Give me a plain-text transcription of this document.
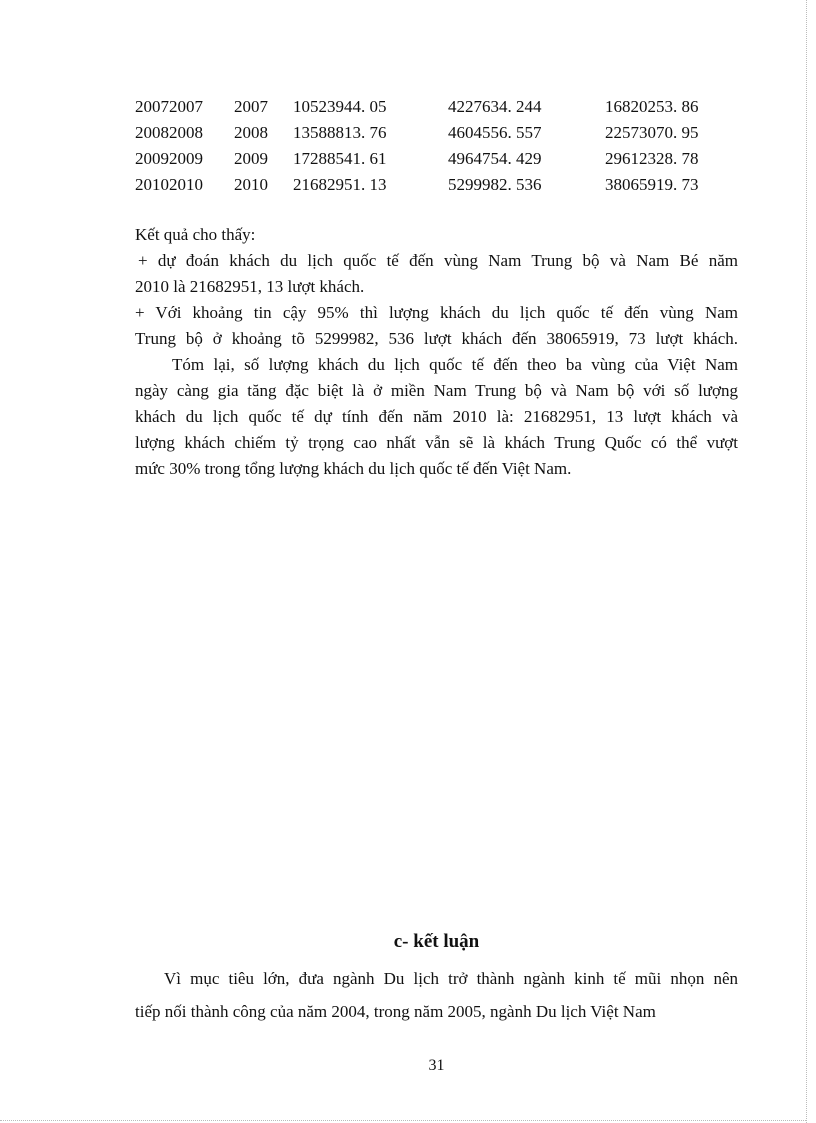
20072007	2007	10523944. 05	4227634. 244	16820253. 86
20082008	2008	13588813. 76	4604556. 557	22573070. 95
20092009	2009	17288541. 61	4964754. 429	29612328. 78
20102010	2010	21682951. 13	5299982. 536	38065919. 73

Kết quả cho thấy:

+ dự đoán khách du lịch quốc tế đến vùng Nam Trung bộ và Nam Bé năm

2010 là 21682951, 13 lượt khách.

+ Với khoảng tin cậy 95% thì lượng khách du lịch quốc tế đến vùng Nam

Trung bộ ở khoảng tõ 5299982, 536 lượt khách đến 38065919, 73 lượt khách.

Tóm lại, số lượng khách du lịch quốc tế đến theo ba vùng của Việt Nam

ngày càng gia tăng đặc biệt là ở miền Nam Trung bộ và Nam bộ với số lượng

khách du lịch quốc tế dự tính đến năm 2010 là: 21682951, 13 lượt khách và

lượng khách chiếm tỷ trọng cao nhất vẫn sẽ là khách Trung Quốc có thể vượt

mức 30% trong tổng lượng khách du lịch quốc tế đến Việt Nam.

c- kết luận

Vì mục tiêu lớn, đưa ngành Du lịch trở thành ngành kinh tế mũi nhọn nên

tiếp nối thành công của năm 2004, trong năm 2005, ngành Du lịch Việt Nam

31
